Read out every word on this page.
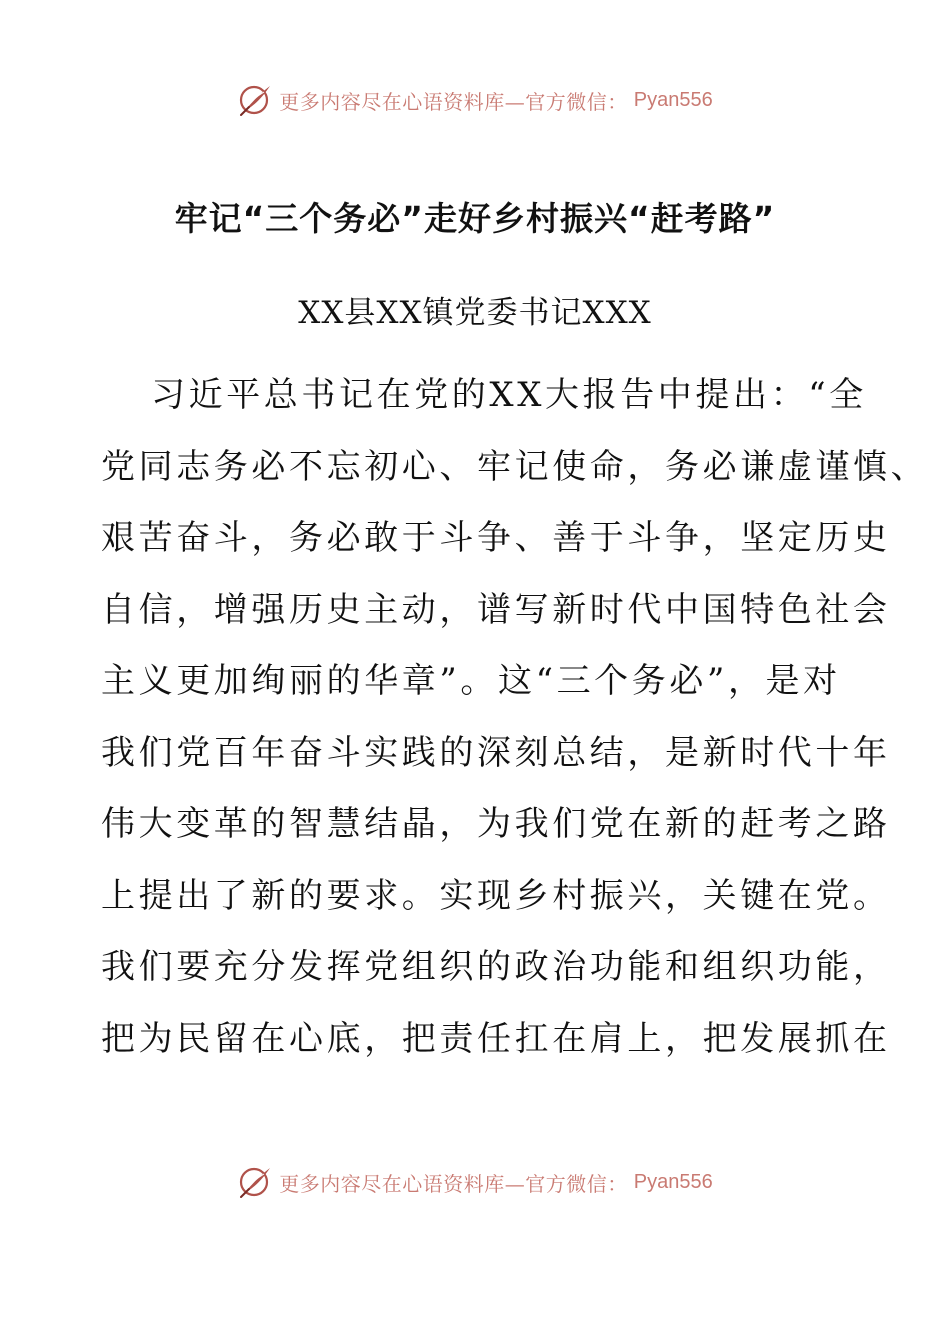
更多内容尽在心语资料库—官方微信： Pyan556
牢记“三个务必”走好乡村振兴“赶考路”
XX县XX镇党委书记XXX
习近平总书记在党的XX大报告中提出：“全
党同志务必不忘初心、牢记使命，务必谦虚谨慎、
艰苦奋斗，务必敢于斗争、善于斗争，坚定历史
自信，增强历史主动，谱写新时代中国特色社会
主义更加绚丽的华章”。这“三个务必”，是对
我们党百年奋斗实践的深刻总结，是新时代十年
伟大变革的智慧结晶，为我们党在新的赶考之路
上提出了新的要求。实现乡村振兴，关键在党。
我们要充分发挥党组织的政治功能和组织功能，
把为民留在心底，把责任扛在肩上，把发展抓在
更多内容尽在心语资料库—官方微信： Pyan556
